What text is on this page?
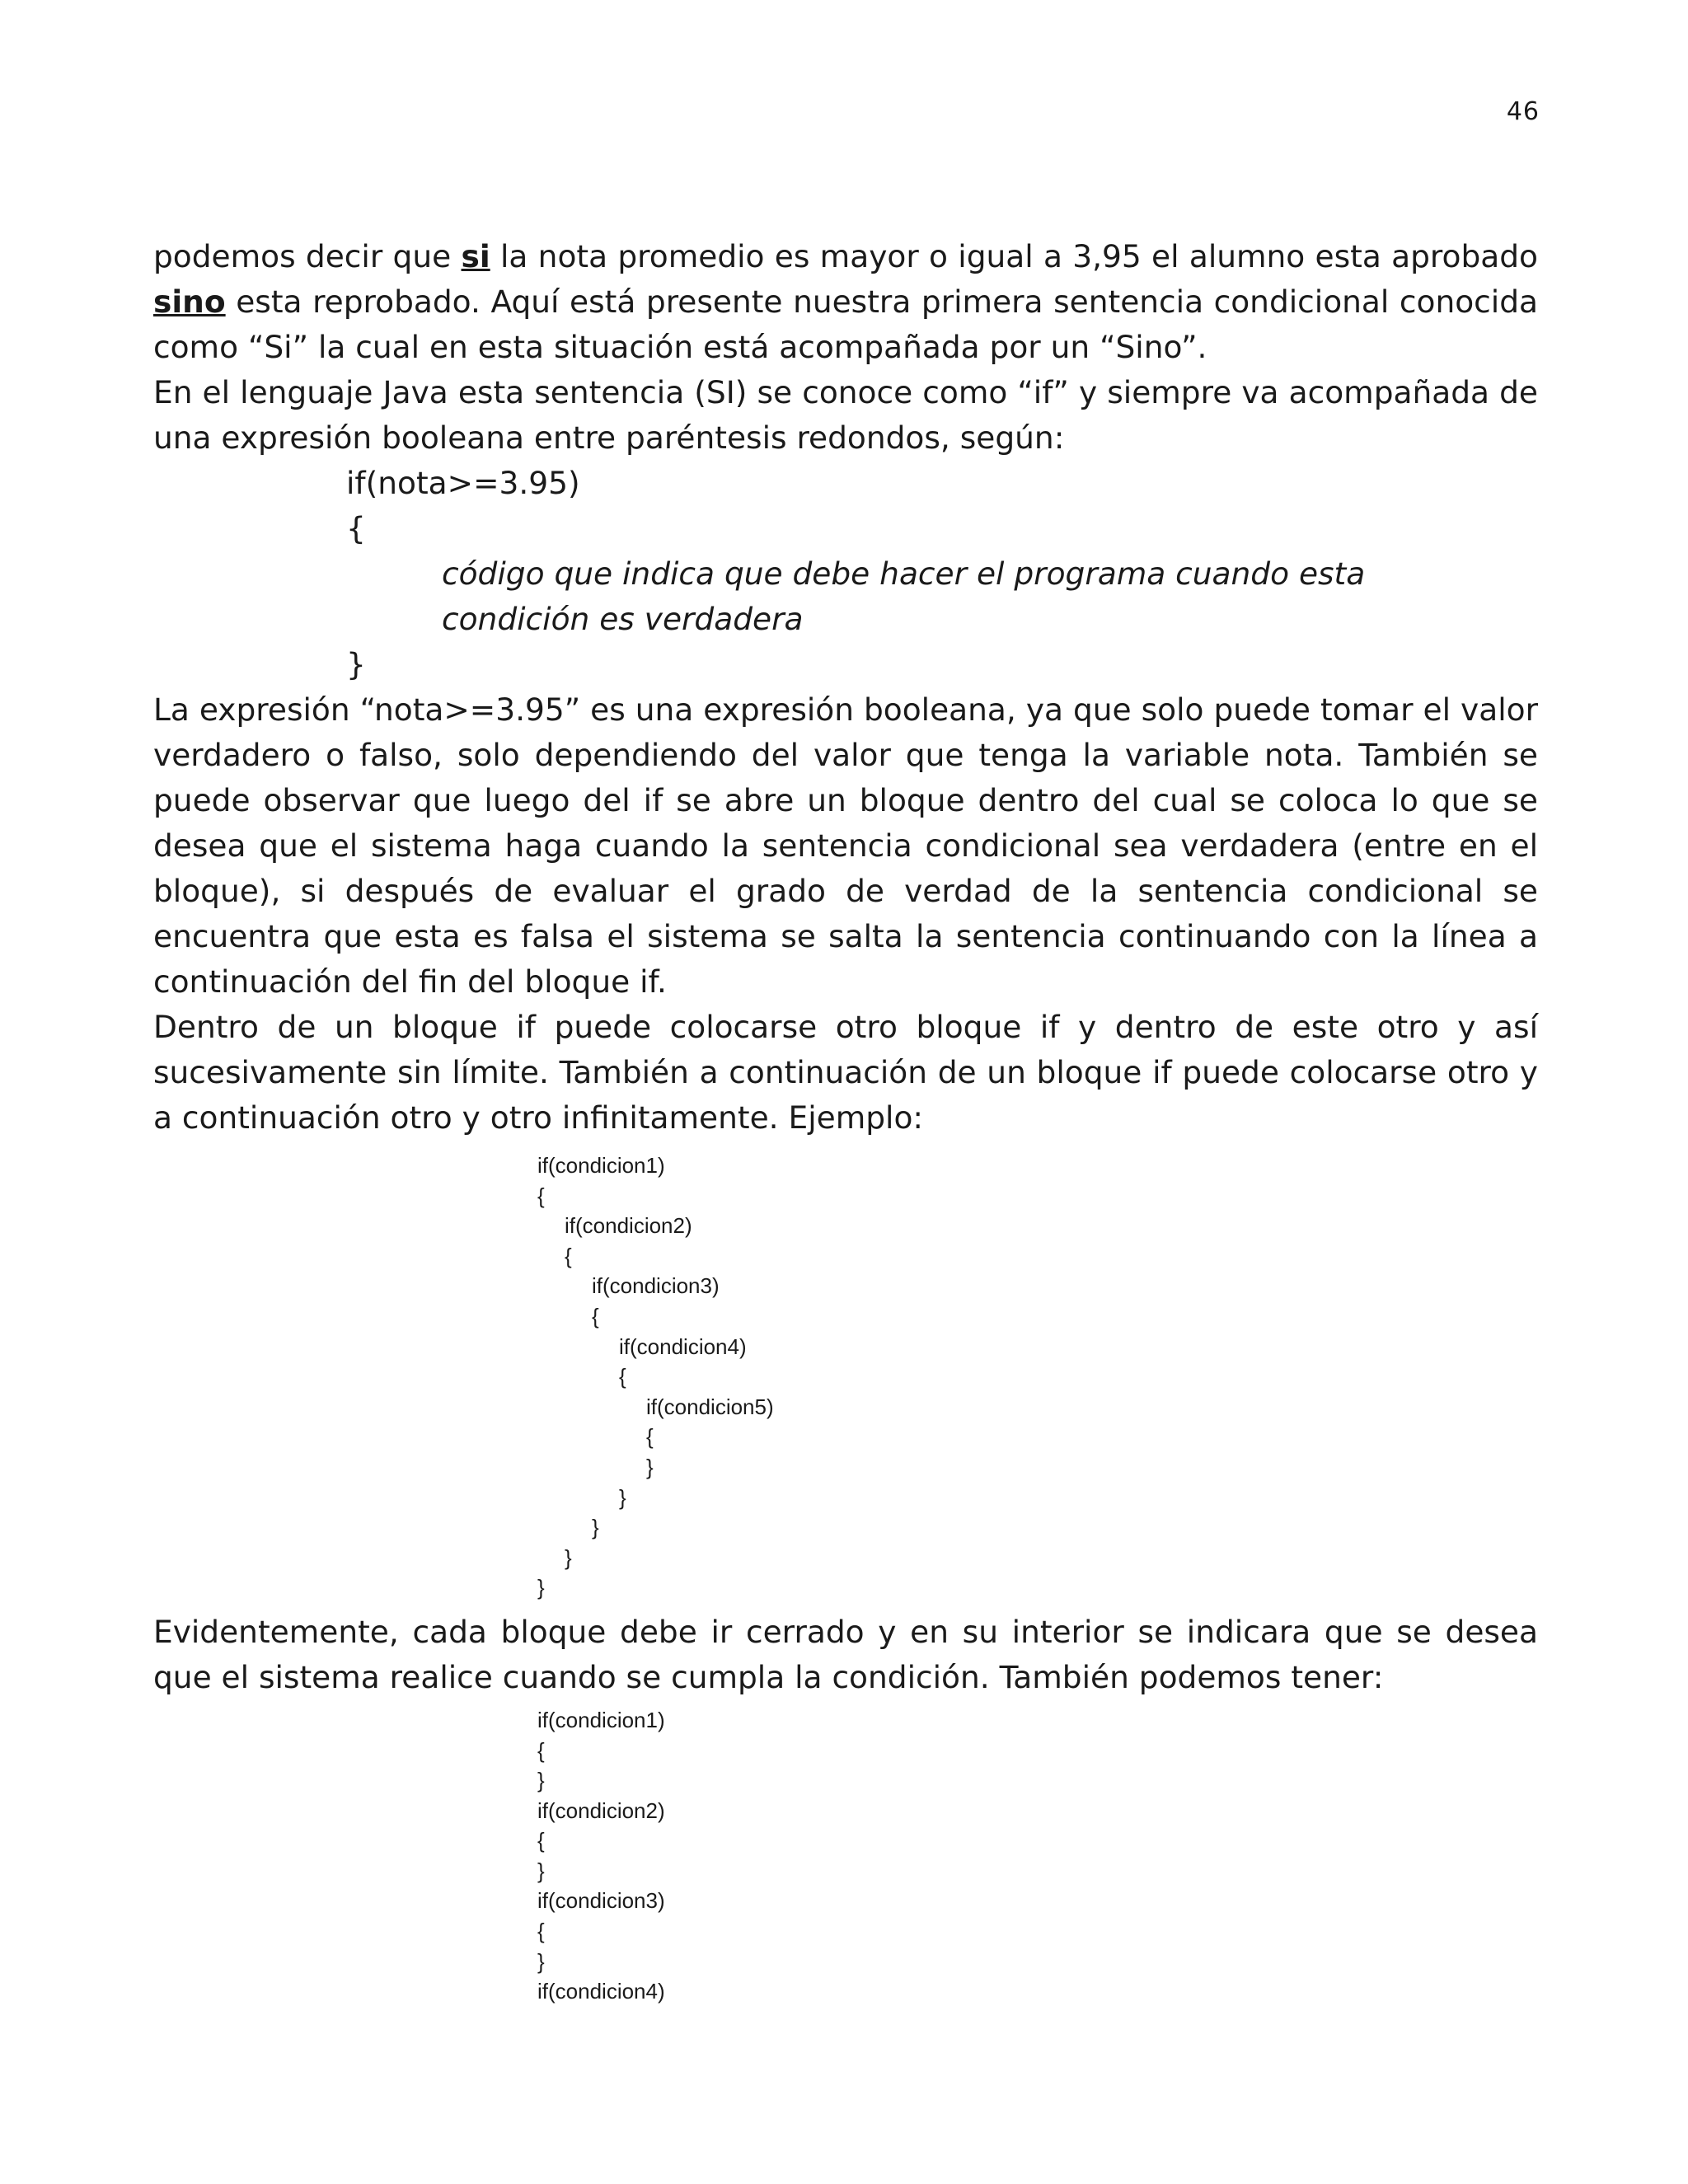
46

podemos decir que si la nota promedio es mayor o igual a 3,95 el alumno esta aprobado sino esta reprobado. Aquí está presente nuestra primera sentencia condicional conocida como “Si” la cual en esta situación está acompañada por un “Sino”.

En el lenguaje Java esta sentencia (SI) se conoce como “if” y siempre va acompañada de una expresión booleana entre paréntesis redondos, según:

if(nota>=3.95)
{
código que indica que debe hacer el programa cuando esta
condición es verdadera
}

La expresión “nota>=3.95” es una expresión booleana, ya que solo puede tomar el valor verdadero o falso, solo dependiendo del valor que tenga la variable nota. También se puede observar que luego del if se abre un bloque dentro del cual se coloca lo que se desea que el sistema haga cuando la sentencia condicional sea verdadera (entre en el bloque), si después de evaluar el grado de verdad de la sentencia condicional se encuentra que esta es falsa el sistema se salta la sentencia continuando con la línea a continuación del fin del bloque if.

Dentro de un bloque if puede colocarse otro bloque if y dentro de este otro y así sucesivamente sin límite. También a continuación de un bloque if puede colocarse otro y a continuación otro y otro infinitamente. Ejemplo:

if(condicion1)
{
if(condicion2)
{
if(condicion3)
{
if(condicion4)
{
if(condicion5)
{
}
}
}
}
}

Evidentemente, cada bloque debe ir cerrado y en su interior se indicara que se desea que el sistema realice cuando se cumpla la condición. También podemos tener:

if(condicion1)
{
}
if(condicion2)
{
}
if(condicion3)
{
}
if(condicion4)
